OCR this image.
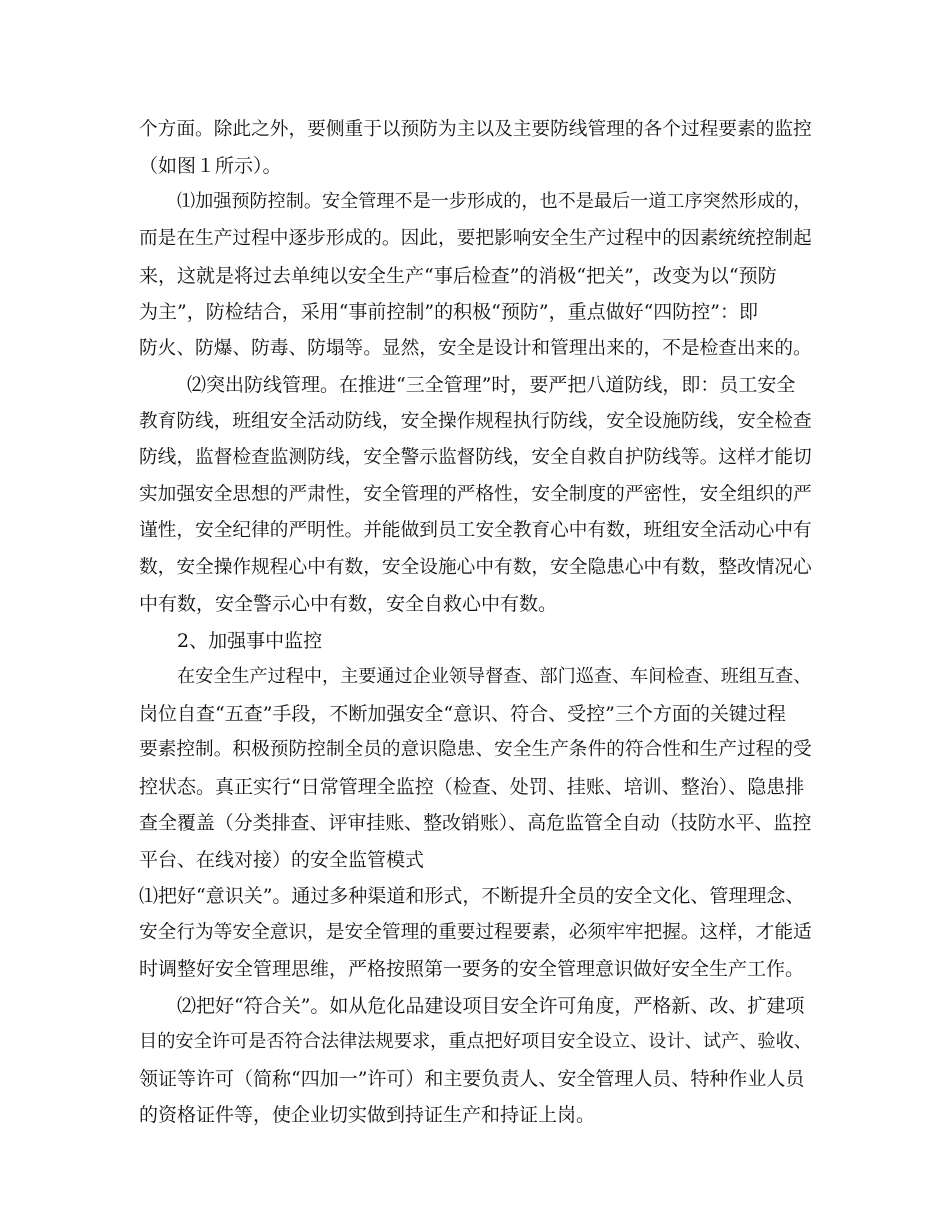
个方面。除此之外，要侧重于以预防为主以及主要防线管理的各个过程要素的监控
（如图１所示）。
⑴加强预防控制。安全管理不是一步形成的，也不是最后一道工序突然形成的，
而是在生产过程中逐步形成的。因此，要把影响安全生产过程中的因素统统控制起
来，这就是将过去单纯以安全生产“事后检查”的消极“把关”，改变为以“预防
为主”，防检结合，采用“事前控制”的积极“预防”，重点做好“四防控”：即
防火、防爆、防毒、防塌等。显然，安全是设计和管理出来的，不是检查出来的。
⑵突出防线管理。在推进“三全管理”时，要严把八道防线，即：员工安全
教育防线，班组安全活动防线，安全操作规程执行防线，安全设施防线，安全检查
防线，监督检查监测防线，安全警示监督防线，安全自救自护防线等。这样才能切
实加强安全思想的严肃性，安全管理的严格性，安全制度的严密性，安全组织的严
谨性，安全纪律的严明性。并能做到员工安全教育心中有数，班组安全活动心中有
数，安全操作规程心中有数，安全设施心中有数，安全隐患心中有数，整改情况心
中有数，安全警示心中有数，安全自救心中有数。
2、加强事中监控
在安全生产过程中，主要通过企业领导督查、部门巡查、车间检查、班组互查、
岗位自查“五查”手段，不断加强安全“意识、符合、受控”三个方面的关键过程
要素控制。积极预防控制全员的意识隐患、安全生产条件的符合性和生产过程的受
控状态。真正实行“日常管理全监控（检查、处罚、挂账、培训、整治）、隐患排
查全覆盖（分类排查、评审挂账、整改销账）、高危监管全自动（技防水平、监控
平台、在线对接）的安全监管模式
⑴把好“意识关”。通过多种渠道和形式，不断提升全员的安全文化、管理理念、
安全行为等安全意识，是安全管理的重要过程要素，必须牢牢把握。这样，才能适
时调整好安全管理思维，严格按照第一要务的安全管理意识做好安全生产工作。
⑵把好“符合关”。如从危化品建设项目安全许可角度，严格新、改、扩建项
目的安全许可是否符合法律法规要求，重点把好项目安全设立、设计、试产、验收、
领证等许可（简称“四加一”许可）和主要负责人、安全管理人员、特种作业人员
的资格证件等，使企业切实做到持证生产和持证上岗。
